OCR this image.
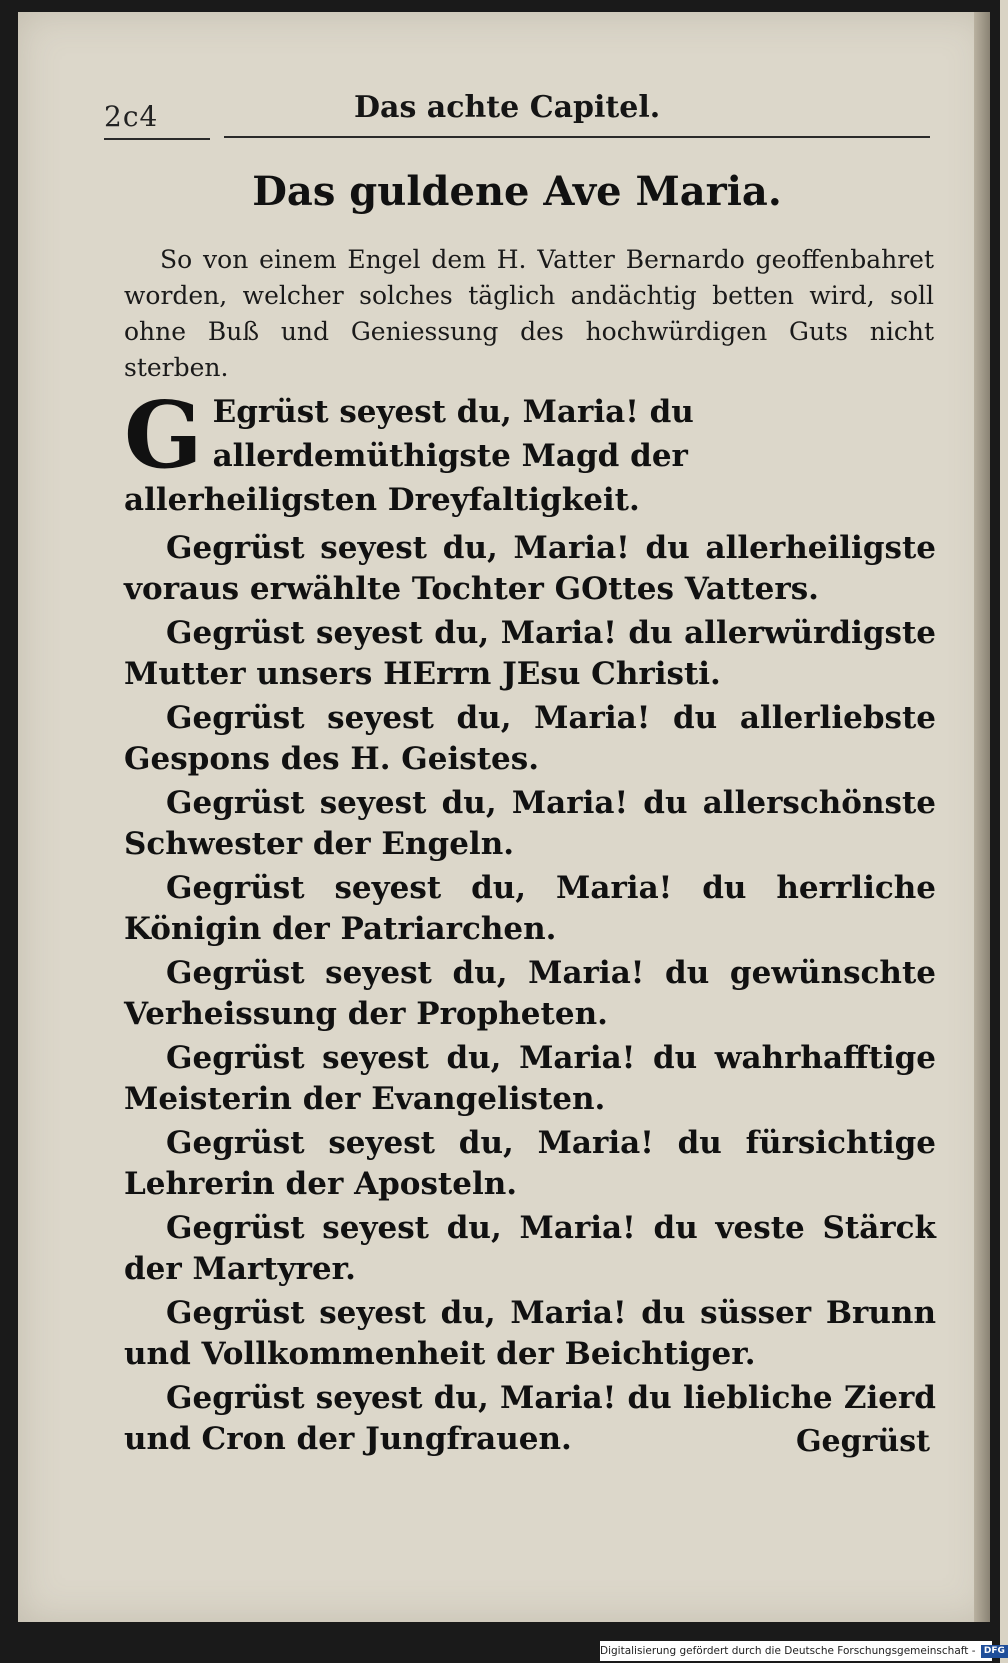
2c4	Das achte Capitel.
Das guldene Ave Maria.

So von einem Engel dem H. Vatter Bernardo geoffenbahret worden, welcher solches täglich andächtig betten wird, soll ohne Buß und Geniessung des hochwürdigen Guts nicht sterben.

G Egrüst seyest du, Maria! du allerdemüthigste Magd der allerheiligsten Dreyfaltigkeit.

Gegrüst seyest du, Maria! du allerheiligste voraus erwählte Tochter GOttes Vatters.

Gegrüst seyest du, Maria! du allerwürdigste Mutter unsers HErrn JEsu Christi.

Gegrüst seyest du, Maria! du allerliebste Gespons des H. Geistes.

Gegrüst seyest du, Maria! du allerschönste Schwester der Engeln.

Gegrüst seyest du, Maria! du herrliche Königin der Patriarchen.

Gegrüst seyest du, Maria! du gewünschte Verheissung der Propheten.

Gegrüst seyest du, Maria! du wahrhafftige Meisterin der Evangelisten.

Gegrüst seyest du, Maria! du fürsichtige Lehrerin der Aposteln.

Gegrüst seyest du, Maria! du veste Stärck der Martyrer.

Gegrüst seyest du, Maria! du süsser Brunn und Vollkommenheit der Beichtiger.

Gegrüst seyest du, Maria! du liebliche Zierd und Cron der Jungfrauen.	Gegrüst
Digitalisierung gefördert durch die Deutsche Forschungsgemeinschaft - DFG
